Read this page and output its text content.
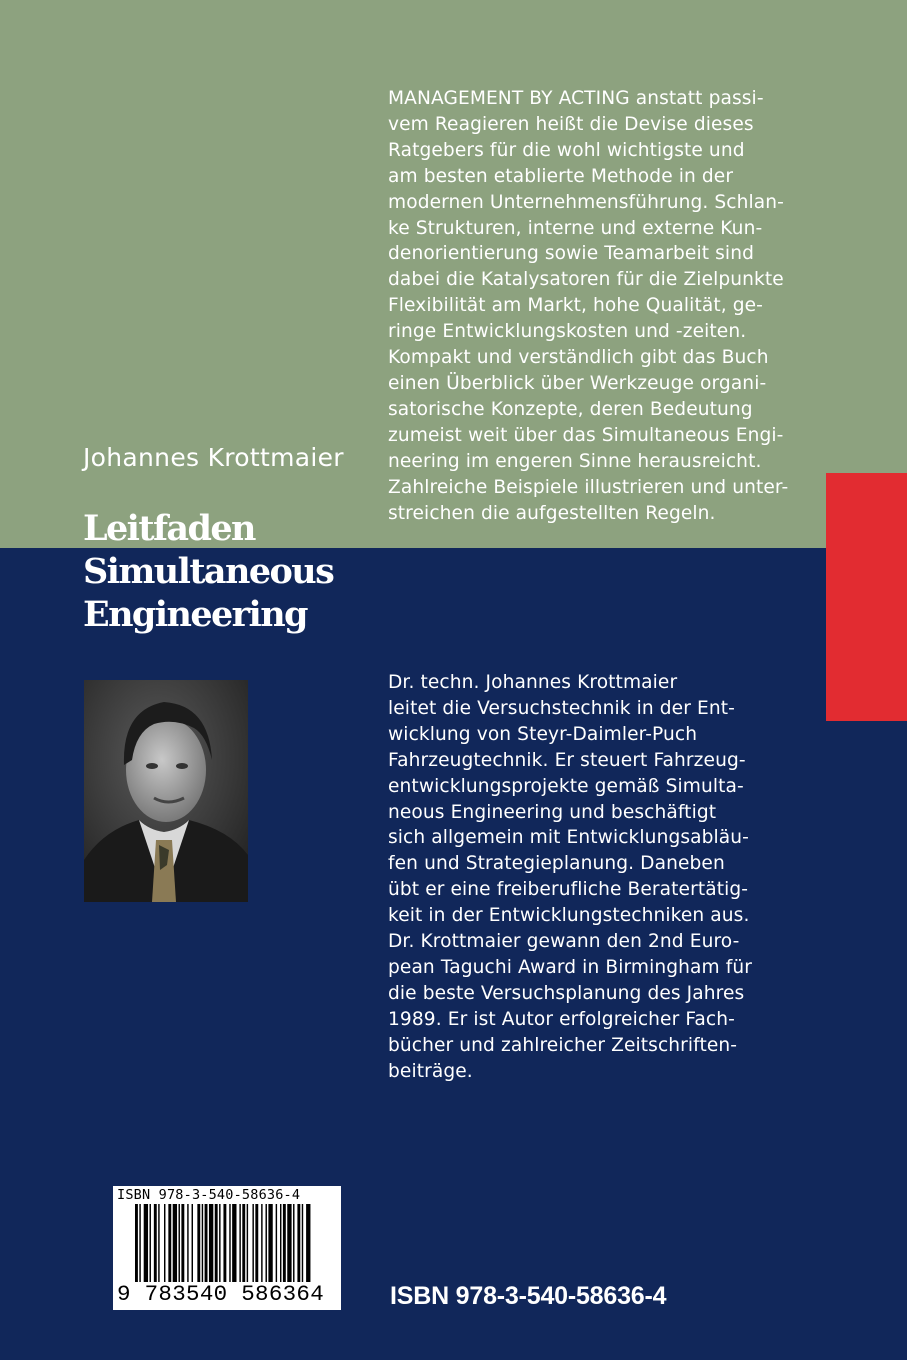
MANAGEMENT BY ACTING anstatt passi-
vem Reagieren heißt die Devise dieses
Ratgebers für die wohl wichtigste und
am besten etablierte Methode in der
modernen Unternehmensführung. Schlan-
ke Strukturen, interne und externe Kun-
denorientierung sowie Teamarbeit sind
dabei die Katalysatoren für die Zielpunkte
Flexibilität am Markt, hohe Qualität, ge-
ringe Entwicklungskosten und -zeiten.
Kompakt und verständlich gibt das Buch
einen Überblick über Werkzeuge organi-
satorische Konzepte, deren Bedeutung
zumeist weit über das Simultaneous Engi-
neering im engeren Sinne herausreicht.
Zahlreiche Beispiele illustrieren und unter-
streichen die aufgestellten Regeln.
Johannes Krottmaier
Leitfaden
Simultaneous
Engineering
Dr. techn. Johannes Krottmaier
leitet die Versuchstechnik in der Ent-
wicklung von Steyr-Daimler-Puch
Fahrzeugtechnik. Er steuert Fahrzeug-
entwicklungsprojekte gemäß Simulta-
neous Engineering und beschäftigt
sich allgemein mit Entwicklungsabläu-
fen und Strategieplanung. Daneben
übt er eine freiberufliche Beratertätig-
keit in der Entwicklungstechniken aus.
Dr. Krottmaier gewann den 2nd Euro-
pean Taguchi Award in Birmingham für
die beste Versuchsplanung des Jahres
1989. Er ist Autor erfolgreicher Fach-
bücher und zahlreicher Zeitschriften-
beiträge.
ISBN 978-3-540-58636-4
9 783540 586364	ISBN 978-3-540-58636-4
